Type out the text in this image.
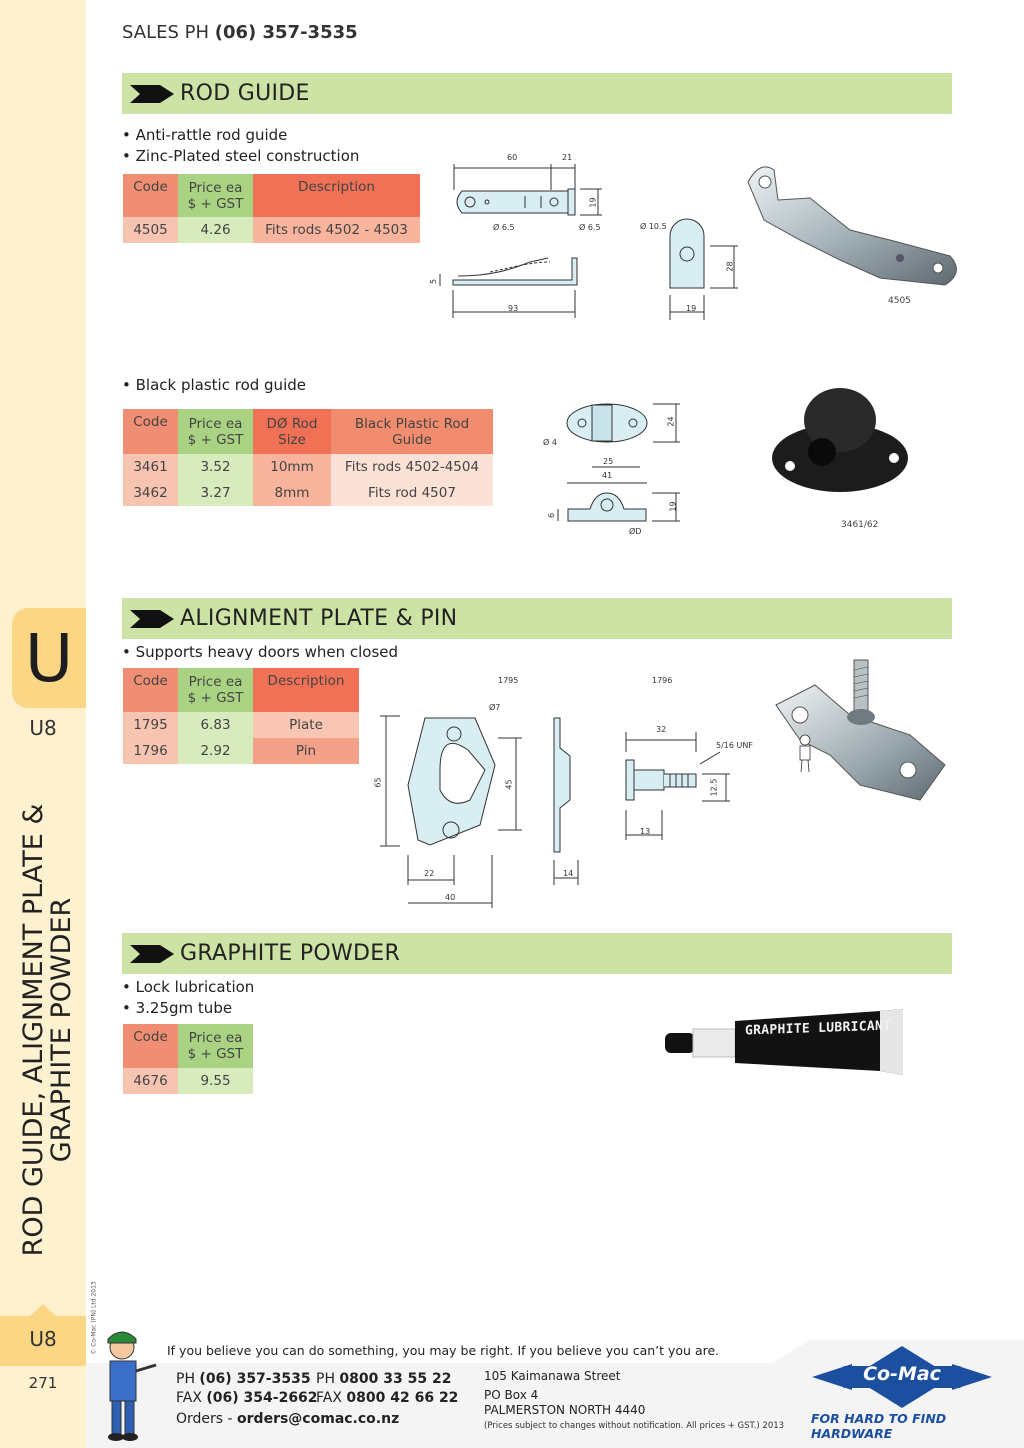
U
U8
ROD GUIDE, ALIGNMENT PLATE &
GRAPHITE POWDER
© Co-Mac (PN) Ltd 2013
U8
271
SALES PH (06) 357-3535
ROD GUIDE
• Anti-rattle rod guide
• Zinc-Plated steel construction
Code	Price ea
$ + GST	Description
4505	4.26	Fits rods 4502 - 4503
60	21
19
Ø 6.5	Ø 6.5
5
93
Ø 10.5
28
19
4505
• Black plastic rod guide
Code	Price ea
$ + GST	DØ Rod
Size	Black Plastic Rod
Guide
3461	3.52	10mm	Fits rods 4502-4504
3462	3.27	8mm	Fits rod 4507
Ø 4
24
25
41
6
19
ØD
3461/62
ALIGNMENT PLATE & PIN
• Supports heavy doors when closed
Code	Price ea
$ + GST	Description
1795	6.83	Plate
1796	2.92	Pin
1795	1796
Ø7
65	45
22
40
14
32
5/16 UNF
12.5
13
GRAPHITE POWDER
• Lock lubrication
• 3.25gm tube
Code	Price ea
$ + GST
4676	9.55
GRAPHITE LUBRICANT
If you believe you can do something, you may be right. If you believe you can’t you are.
PH (06) 357-3535 PH 0800 33 55 22
FAX (06) 354-2662
FAX 0800 42 66 22
Orders - orders@comac.co.nz
105 Kaimanawa Street
PO Box 4
PALMERSTON NORTH 4440
(Prices subject to changes without notification. All prices + GST.) 2013
Co-Mac
FOR HARD TO FIND HARDWARE
